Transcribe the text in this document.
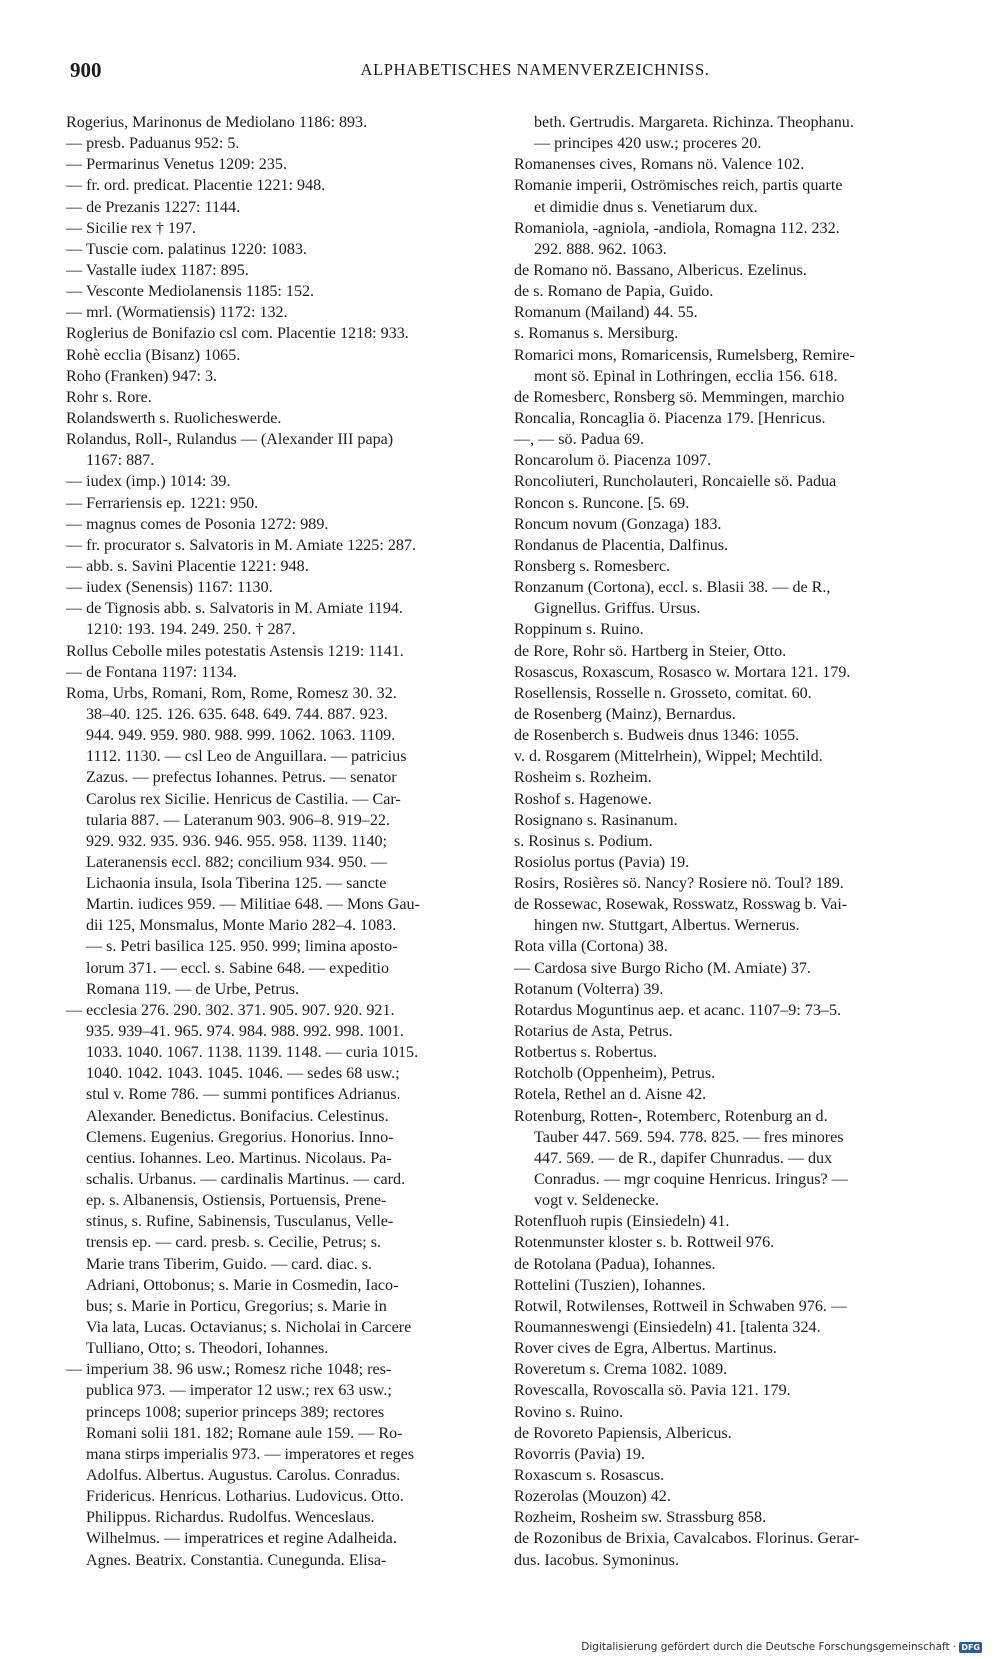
900	ALPHABETISCHES NAMENVERZEICHNISS.
Rogerius, Marinonus de Mediolano 1186: 893.
— presb. Paduanus 952: 5.
— Permarinus Venetus 1209: 235.
— fr. ord. predicat. Placentie 1221: 948.
— de Prezanis 1227: 1144.
— Sicilie rex † 197.
— Tuscie com. palatinus 1220: 1083.
— Vastalle iudex 1187: 895.
— Vesconte Mediolanensis 1185: 152.
— mrl. (Wormatiensis) 1172: 132.
Roglerius de Bonifazio csl com. Placentie 1218: 933.
Rohè ecclia (Bisanz) 1065.
Roho (Franken) 947: 3.
Rohr s. Rore.
Rolandswerth s. Ruolicheswerde.
Rolandus, Roll-, Rulandus — (Alexander III papa)
1167: 887.
— iudex (imp.) 1014: 39.
— Ferrariensis ep. 1221: 950.
— magnus comes de Posonia 1272: 989.
— fr. procurator s. Salvatoris in M. Amiate 1225: 287.
— abb. s. Savini Placentie 1221: 948.
— iudex (Senensis) 1167: 1130.
— de Tignosis abb. s. Salvatoris in M. Amiate 1194.
1210: 193. 194. 249. 250. † 287.
Rollus Cebolle miles potestatis Astensis 1219: 1141.
— de Fontana 1197: 1134.
Roma, Urbs, Romani, Rom, Rome, Romesz 30. 32.
38–40. 125. 126. 635. 648. 649. 744. 887. 923.
944. 949. 959. 980. 988. 999. 1062. 1063. 1109.
1112. 1130. — csl Leo de Anguillara. — patricius
Zazus. — prefectus Iohannes. Petrus. — senator
Carolus rex Sicilie. Henricus de Castilia. — Car-
tularia 887. — Lateranum 903. 906–8. 919–22.
929. 932. 935. 936. 946. 955. 958. 1139. 1140;
Lateranensis eccl. 882; concilium 934. 950. —
Lichaonia insula, Isola Tiberina 125. — sancte
Martin. iudices 959. — Militiae 648. — Mons Gau-
dii 125, Monsmalus, Monte Mario 282–4. 1083.
— s. Petri basilica 125. 950. 999; limina aposto-
lorum 371. — eccl. s. Sabine 648. — expeditio
Romana 119. — de Urbe, Petrus.
— ecclesia 276. 290. 302. 371. 905. 907. 920. 921.
935. 939–41. 965. 974. 984. 988. 992. 998. 1001.
1033. 1040. 1067. 1138. 1139. 1148. — curia 1015.
1040. 1042. 1043. 1045. 1046. — sedes 68 usw.;
stul v. Rome 786. — summi pontifices Adrianus.
Alexander. Benedictus. Bonifacius. Celestinus.
Clemens. Eugenius. Gregorius. Honorius. Inno-
centius. Iohannes. Leo. Martinus. Nicolaus. Pa-
schalis. Urbanus. — cardinalis Martinus. — card.
ep. s. Albanensis, Ostiensis, Portuensis, Prene-
stinus, s. Rufine, Sabinensis, Tusculanus, Velle-
trensis ep. — card. presb. s. Cecilie, Petrus; s.
Marie trans Tiberim, Guido. — card. diac. s.
Adriani, Ottobonus; s. Marie in Cosmedin, Iaco-
bus; s. Marie in Porticu, Gregorius; s. Marie in
Via lata, Lucas. Octavianus; s. Nicholai in Carcere
Tulliano, Otto; s. Theodori, Iohannes.
— imperium 38. 96 usw.; Romesz riche 1048; res-
publica 973. — imperator 12 usw.; rex 63 usw.;
princeps 1008; superior princeps 389; rectores
Romani solii 181. 182; Romane aule 159. — Ro-
mana stirps imperialis 973. — imperatores et reges
Adolfus. Albertus. Augustus. Carolus. Conradus.
Fridericus. Henricus. Lotharius. Ludovicus. Otto.
Philippus. Richardus. Rudolfus. Wenceslaus.
Wilhelmus. — imperatrices et regine Adalheida.
Agnes. Beatrix. Constantia. Cunegunda. Elisa-
beth. Gertrudis. Margareta. Richinza. Theophanu.
— principes 420 usw.; proceres 20.
Romanenses cives, Romans nö. Valence 102.
Romanie imperii, Oströmisches reich, partis quarte
et dimidie dnus s. Venetiarum dux.
Romaniola, -agniola, -andiola, Romagna 112. 232.
292. 888. 962. 1063.
de Romano nö. Bassano, Albericus. Ezelinus.
de s. Romano de Papia, Guido.
Romanum (Mailand) 44. 55.
s. Romanus s. Mersiburg.
Romarici mons, Romaricensis, Rumelsberg, Remire-
mont sö. Epinal in Lothringen, ecclia 156. 618.
de Romesberc, Ronsberg sö. Memmingen, marchio
Roncalia, Roncaglia ö. Piacenza 179. [Henricus.
—, — sö. Padua 69.
Roncarolum ö. Piacenza 1097.
Roncoliuteri, Runcholauteri, Roncaielle sö. Padua
Roncon s. Runcone. [5. 69.
Roncum novum (Gonzaga) 183.
Rondanus de Placentia, Dalfinus.
Ronsberg s. Romesberc.
Ronzanum (Cortona), eccl. s. Blasii 38. — de R.,
Gignellus. Griffus. Ursus.
Roppinum s. Ruino.
de Rore, Rohr sö. Hartberg in Steier, Otto.
Rosascus, Roxascum, Rosasco w. Mortara 121. 179.
Rosellensis, Rosselle n. Grosseto, comitat. 60.
de Rosenberg (Mainz), Bernardus.
de Rosenberch s. Budweis dnus 1346: 1055.
v. d. Rosgarem (Mittelrhein), Wippel; Mechtild.
Rosheim s. Rozheim.
Roshof s. Hagenowe.
Rosignano s. Rasinanum.
s. Rosinus s. Podium.
Rosiolus portus (Pavia) 19.
Rosirs, Rosières sö. Nancy? Rosiere nö. Toul? 189.
de Rossewac, Rosewak, Rosswatz, Rosswag b. Vai-
hingen nw. Stuttgart, Albertus. Wernerus.
Rota villa (Cortona) 38.
— Cardosa sive Burgo Richo (M. Amiate) 37.
Rotanum (Volterra) 39.
Rotardus Moguntinus aep. et acanc. 1107–9: 73–5.
Rotarius de Asta, Petrus.
Rotbertus s. Robertus.
Rotcholb (Oppenheim), Petrus.
Rotela, Rethel an d. Aisne 42.
Rotenburg, Rotten-, Rotemberc, Rotenburg an d.
Tauber 447. 569. 594. 778. 825. — fres minores
447. 569. — de R., dapifer Chunradus. — dux
Conradus. — mgr coquine Henricus. Iringus? —
vogt v. Seldenecke.
Rotenfluoh rupis (Einsiedeln) 41.
Rotenmunster kloster s. b. Rottweil 976.
de Rotolana (Padua), Iohannes.
Rottelini (Tuszien), Iohannes.
Rotwil, Rotwilenses, Rottweil in Schwaben 976. —
Roumanneswengi (Einsiedeln) 41. [talenta 324.
Rover cives de Egra, Albertus. Martinus.
Roveretum s. Crema 1082. 1089.
Rovescalla, Rovoscalla sö. Pavia 121. 179.
Rovino s. Ruino.
de Rovoreto Papiensis, Albericus.
Rovorris (Pavia) 19.
Roxascum s. Rosascus.
Rozerolas (Mouzon) 42.
Rozheim, Rosheim sw. Strassburg 858.
de Rozonibus de Brixia, Cavalcabos. Florinus. Gerar-
dus. Iacobus. Symoninus.
Digitalisierung gefördert durch die Deutsche Forschungsgemeinschaft · DFG
